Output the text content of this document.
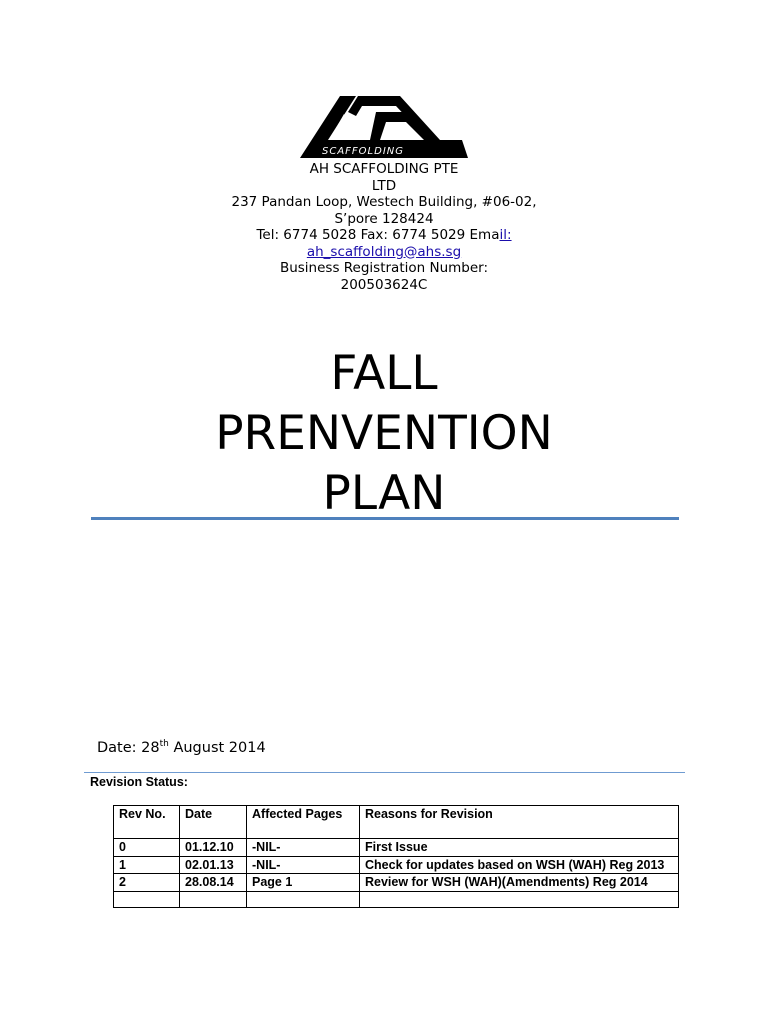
SCAFFOLDING
AH SCAFFOLDING PTE
LTD
237 Pandan Loop, Westech Building, #06-02,
S’pore 128424
Tel: 6774 5028 Fax: 6774 5029 Email:
ah_scaffolding@ahs.sg
Business Registration Number:
200503624C
FALL
PRENVENTION
PLAN
Date: 28th August 2014
Revision Status:
Rev No.	Date	Affected Pages	Reasons for Revision
0	01.12.10	-NIL-	First Issue
1	02.01.13	-NIL-	Check for updates based on WSH (WAH) Reg 2013
2	28.08.14	Page 1	Review for WSH (WAH)(Amendments) Reg 2014
